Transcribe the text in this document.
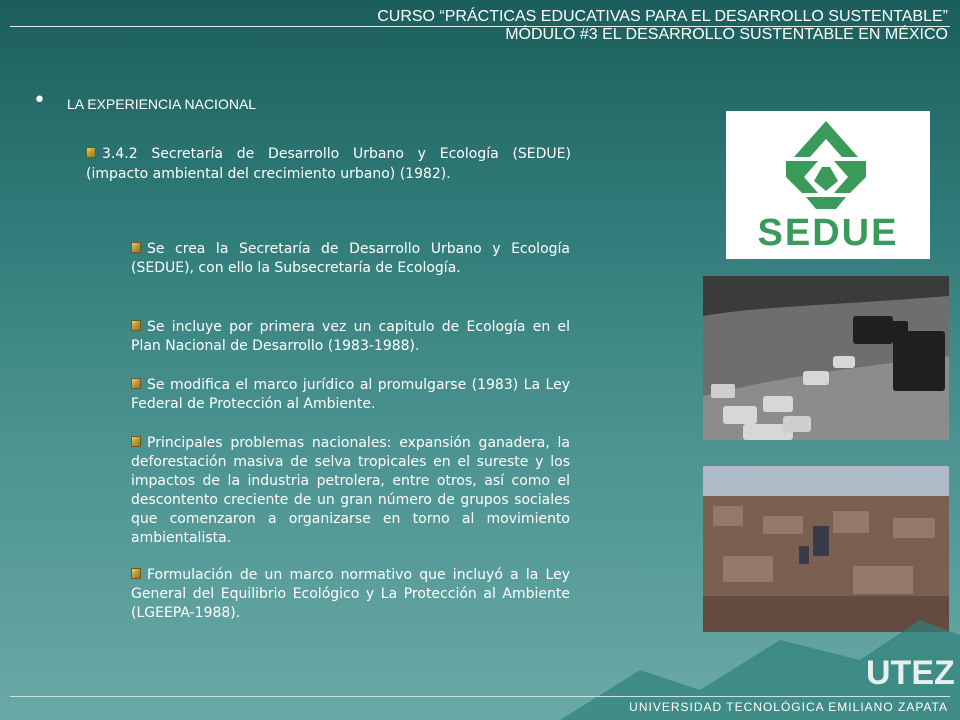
CURSO “PRÁCTICAS EDUCATIVAS PARA EL DESARROLLO SUSTENTABLE”
MÓDULO #3 EL DESARROLLO SUSTENTABLE EN MÉXICO
• LA EXPERIENCIA NACIONAL
3.4.2 Secretaría de Desarrollo Urbano y Ecología (SEDUE) (impacto ambiental del crecimiento urbano) (1982).
Se crea la Secretaría de Desarrollo Urbano y Ecología (SEDUE), con ello la Subsecretaría de Ecología.
Se incluye por primera vez un capitulo de Ecología en el Plan Nacional de Desarrollo (1983-1988).
Se modifica el marco jurídico al promulgarse (1983) La Ley Federal de Protección al Ambiente.
Principales problemas nacionales: expansión ganadera, la deforestación masiva de selva tropicales en el sureste y los impactos de la industria petrolera, entre otros, así como el descontento creciente de un gran número de grupos sociales que comenzaron a organizarse en torno al movimiento ambientalista.
Formulación de un marco normativo que incluyó a la Ley General del Equilibrio Ecológico y La Protección al Ambiente (LGEEPA-1988).
SEDUE
UNIVERSIDAD TECNOLÓGICA EMILIANO ZAPATA
UTEZ
